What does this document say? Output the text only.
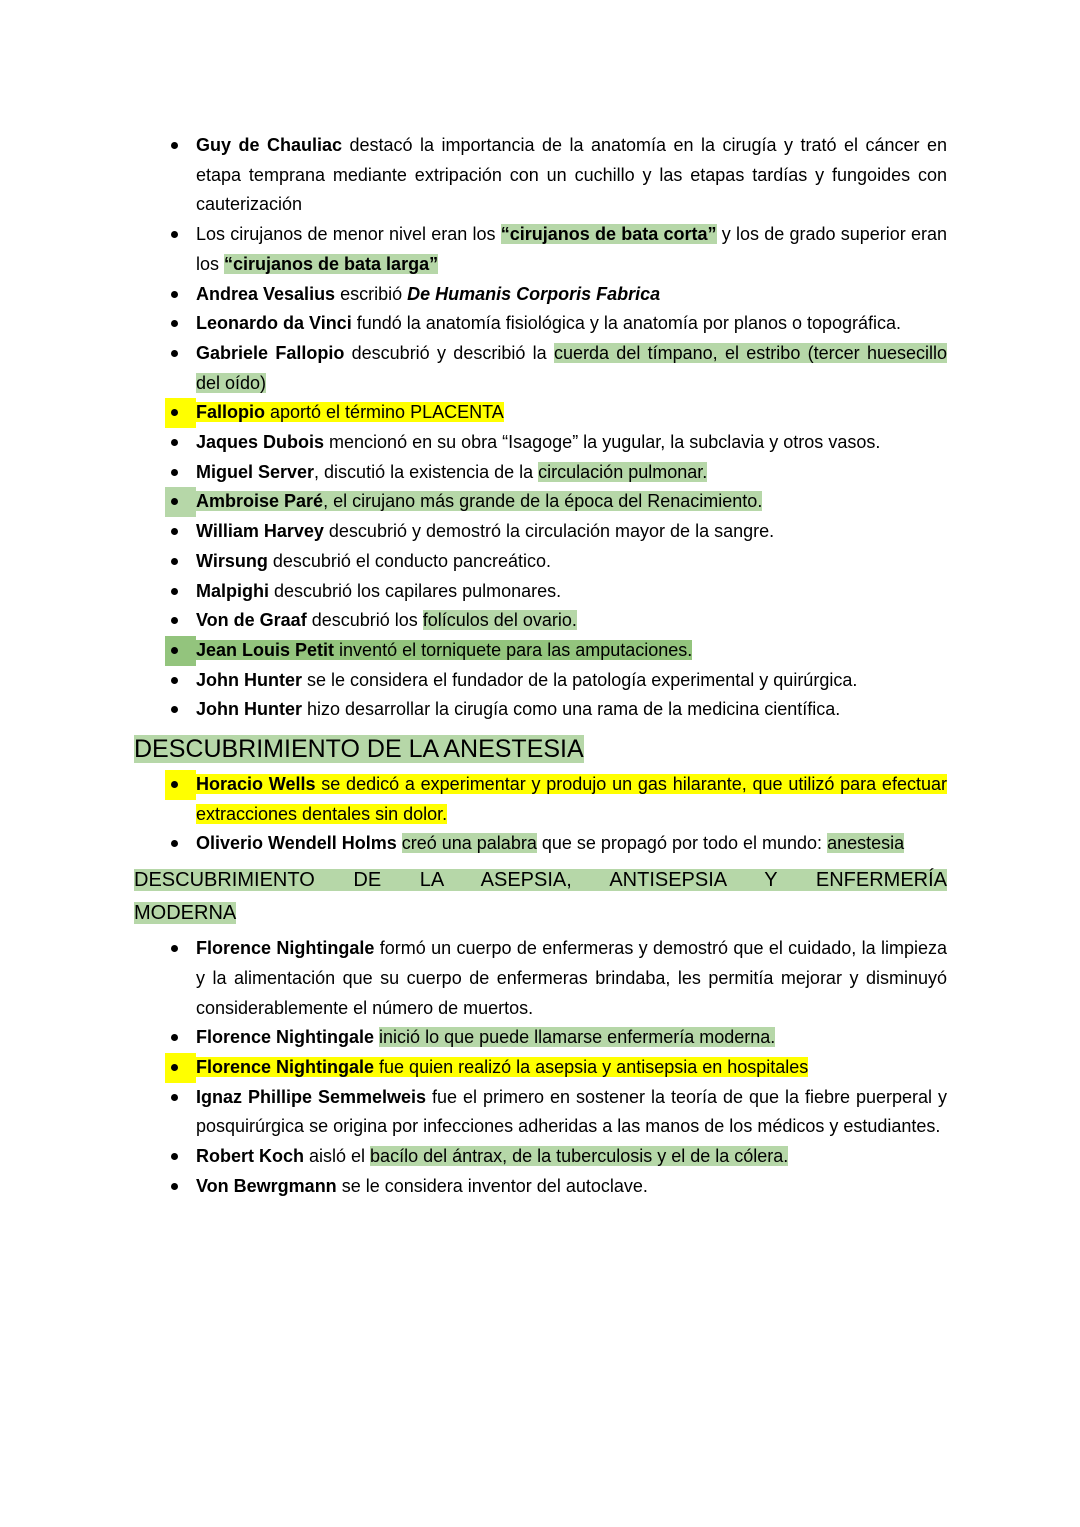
Guy de Chauliac destacó la importancia de la anatomía en la cirugía y trató el cáncer en etapa temprana mediante extripación con un cuchillo y las etapas tardías y fungoides con cauterización
Los cirujanos de menor nivel eran los “cirujanos de bata corta” y los de grado superior eran los “cirujanos de bata larga”
Andrea Vesalius escribió De Humanis Corporis Fabrica
Leonardo da Vinci fundó la anatomía fisiológica y la anatomía por planos o topográfica.
Gabriele Fallopio descubrió y describió la cuerda del tímpano, el estribo (tercer huesecillo del oído)
Fallopio aportó el término PLACENTA
Jaques Dubois mencionó en su obra “Isagoge” la yugular, la subclavia y otros vasos.
Miguel Server, discutió la existencia de la circulación pulmonar.
Ambroise Paré, el cirujano más grande de la época del Renacimiento.
William Harvey descubrió y demostró la circulación mayor de la sangre.
Wirsung descubrió el conducto pancreático.
Malpighi descubrió los capilares pulmonares.
Von de Graaf descubrió los folículos del ovario.
Jean Louis Petit inventó el torniquete para las amputaciones.
John Hunter se le considera el fundador de la patología experimental y quirúrgica.
John Hunter hizo desarrollar la cirugía como una rama de la medicina científica.
DESCUBRIMIENTO DE LA ANESTESIA
Horacio Wells se dedicó a experimentar y produjo un gas hilarante, que utilizó para efectuar extracciones dentales sin dolor.
Oliverio Wendell Holms creó una palabra que se propagó por todo el mundo: anestesia
DESCUBRIMIENTO DE LA ASEPSIA, ANTISEPSIA Y ENFERMERÍA
MODERNA
Florence Nightingale formó un cuerpo de enfermeras y demostró que el cuidado, la limpieza y la alimentación que su cuerpo de enfermeras brindaba, les permitía mejorar y disminuyó considerablemente el número de muertos.
Florence Nightingale inició lo que puede llamarse enfermería moderna.
Florence Nightingale fue quien realizó la asepsia y antisepsia en hospitales
Ignaz Phillipe Semmelweis fue el primero en sostener la teoría de que la fiebre puerperal y posquirúrgica se origina por infecciones adheridas a las manos de los médicos y estudiantes.
Robert Koch aisló el bacílo del ántrax, de la tuberculosis y el de la cólera.
Von Bewrgmann se le considera inventor del autoclave.
